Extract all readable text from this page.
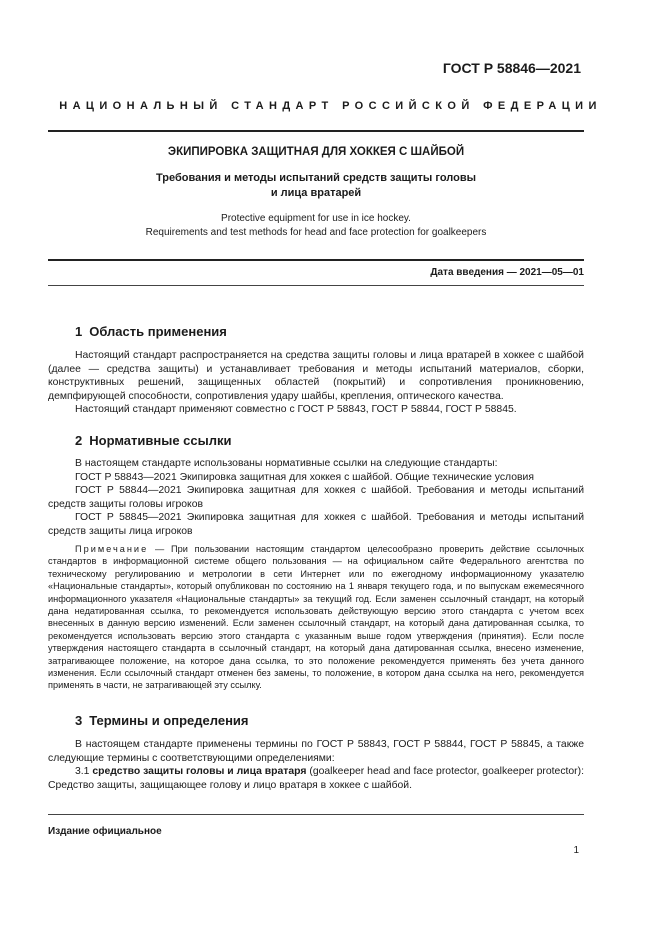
ГОСТ Р 58846—2021
НАЦИОНАЛЬНЫЙ СТАНДАРТ РОССИЙСКОЙ ФЕДЕРАЦИИ
ЭКИПИРОВКА ЗАЩИТНАЯ ДЛЯ ХОККЕЯ С ШАЙБОЙ
Требования и методы испытаний средств защиты головы
и лица вратарей
Protective equipment for use in ice hockey.
Requirements and test methods for head and face protection for goalkeepers
Дата введения — 2021—05—01
1 Область применения

Настоящий стандарт распространяется на средства защиты головы и лица вратарей в хоккее с шайбой (далее — средства защиты) и устанавливает требования и методы испытаний материалов, сборки, конструктивных решений, защищенных областей (покрытий) и сопротивления проникновению, демпфирующей способности, сопротивления удару шайбы, крепления, оптического качества.

Настоящий стандарт применяют совместно с ГОСТ Р 58843, ГОСТ Р 58844, ГОСТ Р 58845.

2 Нормативные ссылки

В настоящем стандарте использованы нормативные ссылки на следующие стандарты:

ГОСТ Р 58843—2021 Экипировка защитная для хоккея с шайбой. Общие технические условия

ГОСТ Р 58844—2021 Экипировка защитная для хоккея с шайбой. Требования и методы испытаний средств защиты головы игроков

ГОСТ Р 58845—2021 Экипировка защитная для хоккея с шайбой. Требования и методы испытаний средств защиты лица игроков

Примечание — При пользовании настоящим стандартом целесообразно проверить действие ссылочных стандартов в информационной системе общего пользования — на официальном сайте Федерального агентства по техническому регулированию и метрологии в сети Интернет или по ежегодному информационному указателю «Национальные стандарты», который опубликован по состоянию на 1 января текущего года, и по выпускам ежемесячного информационного указателя «Национальные стандарты» за текущий год. Если заменен ссылочный стандарт, на который дана недатированная ссылка, то рекомендуется использовать действующую версию этого стандарта с учетом всех внесенных в данную версию изменений. Если заменен ссылочный стандарт, на который дана датированная ссылка, то рекомендуется использовать версию этого стандарта с указанным выше годом утверждения (принятия). Если после утверждения настоящего стандарта в ссылочный стандарт, на который дана датированная ссылка, внесено изменение, затрагивающее положение, на которое дана ссылка, то это положение рекомендуется применять без учета данного изменения. Если ссылочный стандарт отменен без замены, то положение, в котором дана ссылка на него, рекомендуется применять в части, не затрагивающей эту ссылку.

3 Термины и определения

В настоящем стандарте применены термины по ГОСТ Р 58843, ГОСТ Р 58844, ГОСТ Р 58845, а также следующие термины с соответствующими определениями:

3.1 средство защиты головы и лица вратаря (goalkeeper head and face protector, goalkeeper protector): Средство защиты, защищающее голову и лицо вратаря в хоккее с шайбой.

Издание официальное
1
